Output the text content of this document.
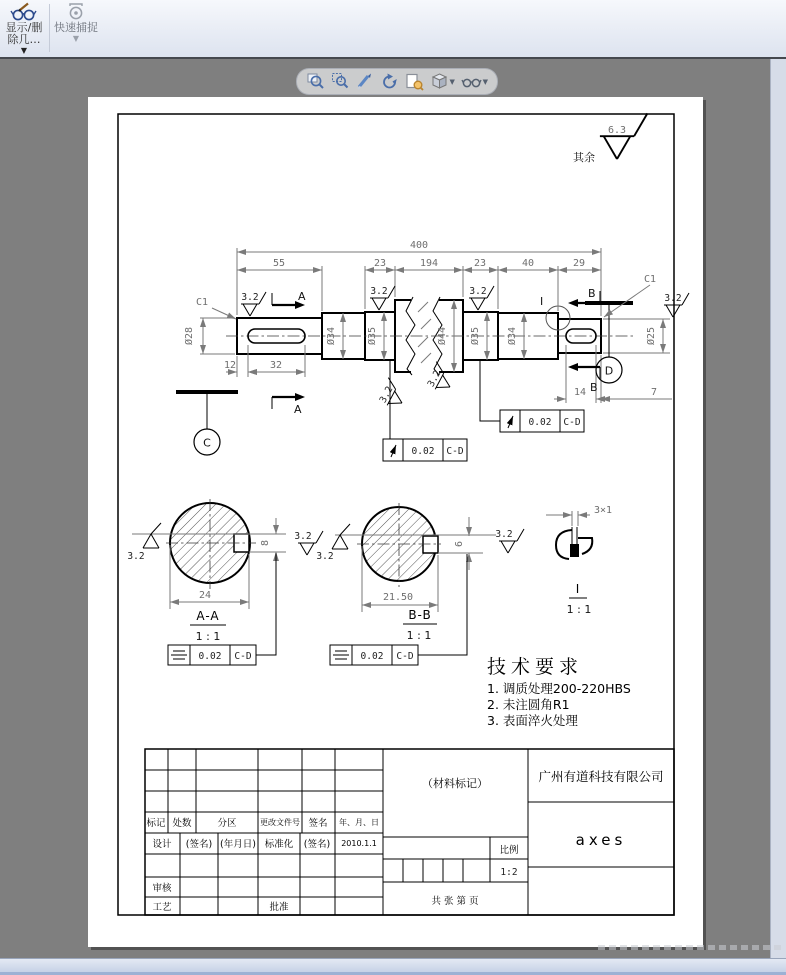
显示/删除几…
▼
快速捕捉
▼
▼	▼
其余
6.3
I
400
55	23	194	23	40	29
Ø28	Ø34	Ø35	Ø44 Ø35	Ø34	Ø25
12	32
14	7
A
A
B
B
C
D
C1
C1
3.2
3.2	3.2
3.2
3.2
3.2
0.02 C-D
0.02 C-D
8
24
3.2
3.2
A-A
1 : 1
0.02 C-D
6
21.50
3.2
3.2
B-B
1 : 1
0.02 C-D
3×1
I
1 : 1
技术要求
1. 调质处理200-220HBS
2. 未注圆角R1
3. 表面淬火处理
标记 处数	分区	更改文件号 签名 年、月、日
设计 (签名) (年月日) 标准化 (签名) 2010.1.1
审核
工艺	批准
（材料标记）
比例
1:2
共 张 第 页
广州有道科技有限公司
axes
